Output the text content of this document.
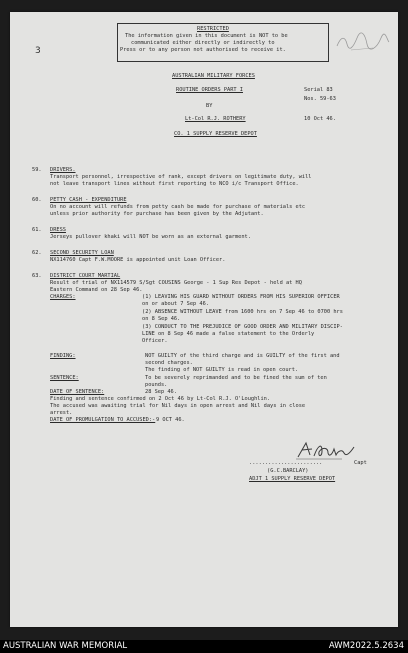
3
RESTRICTED
The information given in this document is NOT to be
communicated either directly or indirectly to
Press or to any person not authorised to receive it.
AUSTRALIAN MILITARY FORCES
ROUTINE ORDERS PART I
BY
Lt-Col R.J. ROTHERY
CO. 1 SUPPLY RESERVE DEPOT
Serial 83
Nos. 59-63
10 Oct 46.
59. DRIVERS.
Transport personnel, irrespective of rank, except drivers on legitimate duty, will
not leave transport lines without first reporting to NCO i/c Transport Office.
60. PETTY CASH - EXPENDITURE
On no account will refunds from petty cash be made for purchase of materials etc
unless prior authority for purchase has been given by the Adjutant.
61. DRESS
Jerseys pullover khaki will NOT be worn as an external garment.
62. SECOND SECURITY LOAN
NX114760 Capt F.W.MOORE is appointed unit Loan Officer.
63. DISTRICT COURT MARTIAL
Result of trial of NX114579 S/Sgt COUSINS George - 1 Sup Res Depot - held at HQ
Eastern Command on 28 Sep 46.
CHARGES:	(1) LEAVING HIS GUARD WITHOUT ORDERS FROM HIS SUPERIOR OFFICER
on or about 7 Sep 46.
(2) ABSENCE WITHOUT LEAVE from 1600 hrs on 7 Sep 46 to 0700 hrs
on 8 Sep 46.
(3) CONDUCT TO THE PREJUDICE OF GOOD ORDER AND MILITARY DISCIP-
LINE on 8 Sep 46 made a false statement to the Orderly
Officer.
FINDING:	NOT GUILTY of the third charge and is GUILTY of the first and
second charges.
The finding of NOT GUILTY is read in open court.
SENTENCE:	To be severely reprimanded and to be fined the sum of ten
pounds.
DATE OF SENTENCE:	28 Sep 46.
Finding and sentence confirmed on 2 Oct 46 by Lt-Col R.J. O'Loughlin.
The accused was awaiting trial for Nil days in open arrest and Nil days in close
arrest.
DATE OF PROMULGATION TO ACCUSED:- 9 OCT 46.
.......................	Capt
(G.C.BARCLAY)
ADJT 1 SUPPLY RESERVE DEPOT
AUSTRALIAN WAR MEMORIAL	AWM2022.5.2634
